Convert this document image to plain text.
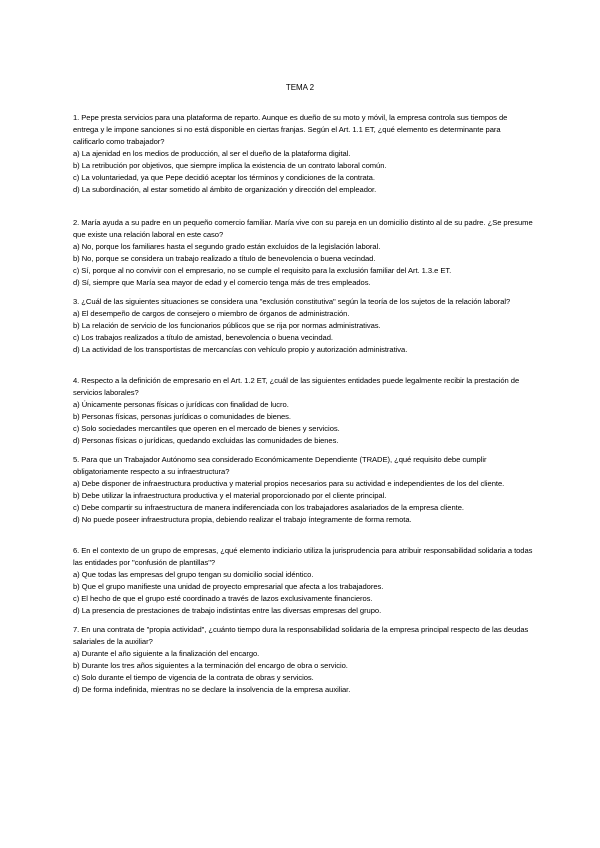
TEMA 2

1. Pepe presta servicios para una plataforma de reparto. Aunque es dueño de su moto y móvil, la empresa controla sus tiempos de entrega y le impone sanciones si no está disponible en ciertas franjas. Según el Art. 1.1 ET, ¿qué elemento es determinante para calificarlo como trabajador?

a) La ajenidad en los medios de producción, al ser el dueño de la plataforma digital.

b) La retribución por objetivos, que siempre implica la existencia de un contrato laboral común.

c) La voluntariedad, ya que Pepe decidió aceptar los términos y condiciones de la contrata.

d) La subordinación, al estar sometido al ámbito de organización y dirección del empleador.

2. María ayuda a su padre en un pequeño comercio familiar. María vive con su pareja en un domicilio distinto al de su padre. ¿Se presume que existe una relación laboral en este caso?

a) No, porque los familiares hasta el segundo grado están excluidos de la legislación laboral.

b) No, porque se considera un trabajo realizado a título de benevolencia o buena vecindad.

c) Sí, porque al no convivir con el empresario, no se cumple el requisito para la exclusión familiar del Art. 1.3.e ET.

d) Sí, siempre que María sea mayor de edad y el comercio tenga más de tres empleados.

3. ¿Cuál de las siguientes situaciones se considera una "exclusión constitutiva" según la teoría de los sujetos de la relación laboral?

a) El desempeño de cargos de consejero o miembro de órganos de administración.

b) La relación de servicio de los funcionarios públicos que se rija por normas administrativas.

c) Los trabajos realizados a título de amistad, benevolencia o buena vecindad.

d) La actividad de los transportistas de mercancías con vehículo propio y autorización administrativa.

4. Respecto a la definición de empresario en el Art. 1.2 ET, ¿cuál de las siguientes entidades puede legalmente recibir la prestación de servicios laborales?

a) Únicamente personas físicas o jurídicas con finalidad de lucro.

b) Personas físicas, personas jurídicas o comunidades de bienes.

c) Solo sociedades mercantiles que operen en el mercado de bienes y servicios.

d) Personas físicas o jurídicas, quedando excluidas las comunidades de bienes.

5. Para que un Trabajador Autónomo sea considerado Económicamente Dependiente (TRADE), ¿qué requisito debe cumplir obligatoriamente respecto a su infraestructura?

a) Debe disponer de infraestructura productiva y material propios necesarios para su actividad e independientes de los del cliente.

b) Debe utilizar la infraestructura productiva y el material proporcionado por el cliente principal.

c) Debe compartir su infraestructura de manera indiferenciada con los trabajadores asalariados de la empresa cliente.

d) No puede poseer infraestructura propia, debiendo realizar el trabajo íntegramente de forma remota.

6. En el contexto de un grupo de empresas, ¿qué elemento indiciario utiliza la jurisprudencia para atribuir responsabilidad solidaria a todas las entidades por "confusión de plantillas"?

a) Que todas las empresas del grupo tengan su domicilio social idéntico.

b) Que el grupo manifieste una unidad de proyecto empresarial que afecta a los trabajadores.

c) El hecho de que el grupo esté coordinado a través de lazos exclusivamente financieros.

d) La presencia de prestaciones de trabajo indistintas entre las diversas empresas del grupo.

7. En una contrata de "propia actividad", ¿cuánto tiempo dura la responsabilidad solidaria de la empresa principal respecto de las deudas salariales de la auxiliar?

a) Durante el año siguiente a la finalización del encargo.

b) Durante los tres años siguientes a la terminación del encargo de obra o servicio.

c) Solo durante el tiempo de vigencia de la contrata de obras y servicios.

d) De forma indefinida, mientras no se declare la insolvencia de la empresa auxiliar.
